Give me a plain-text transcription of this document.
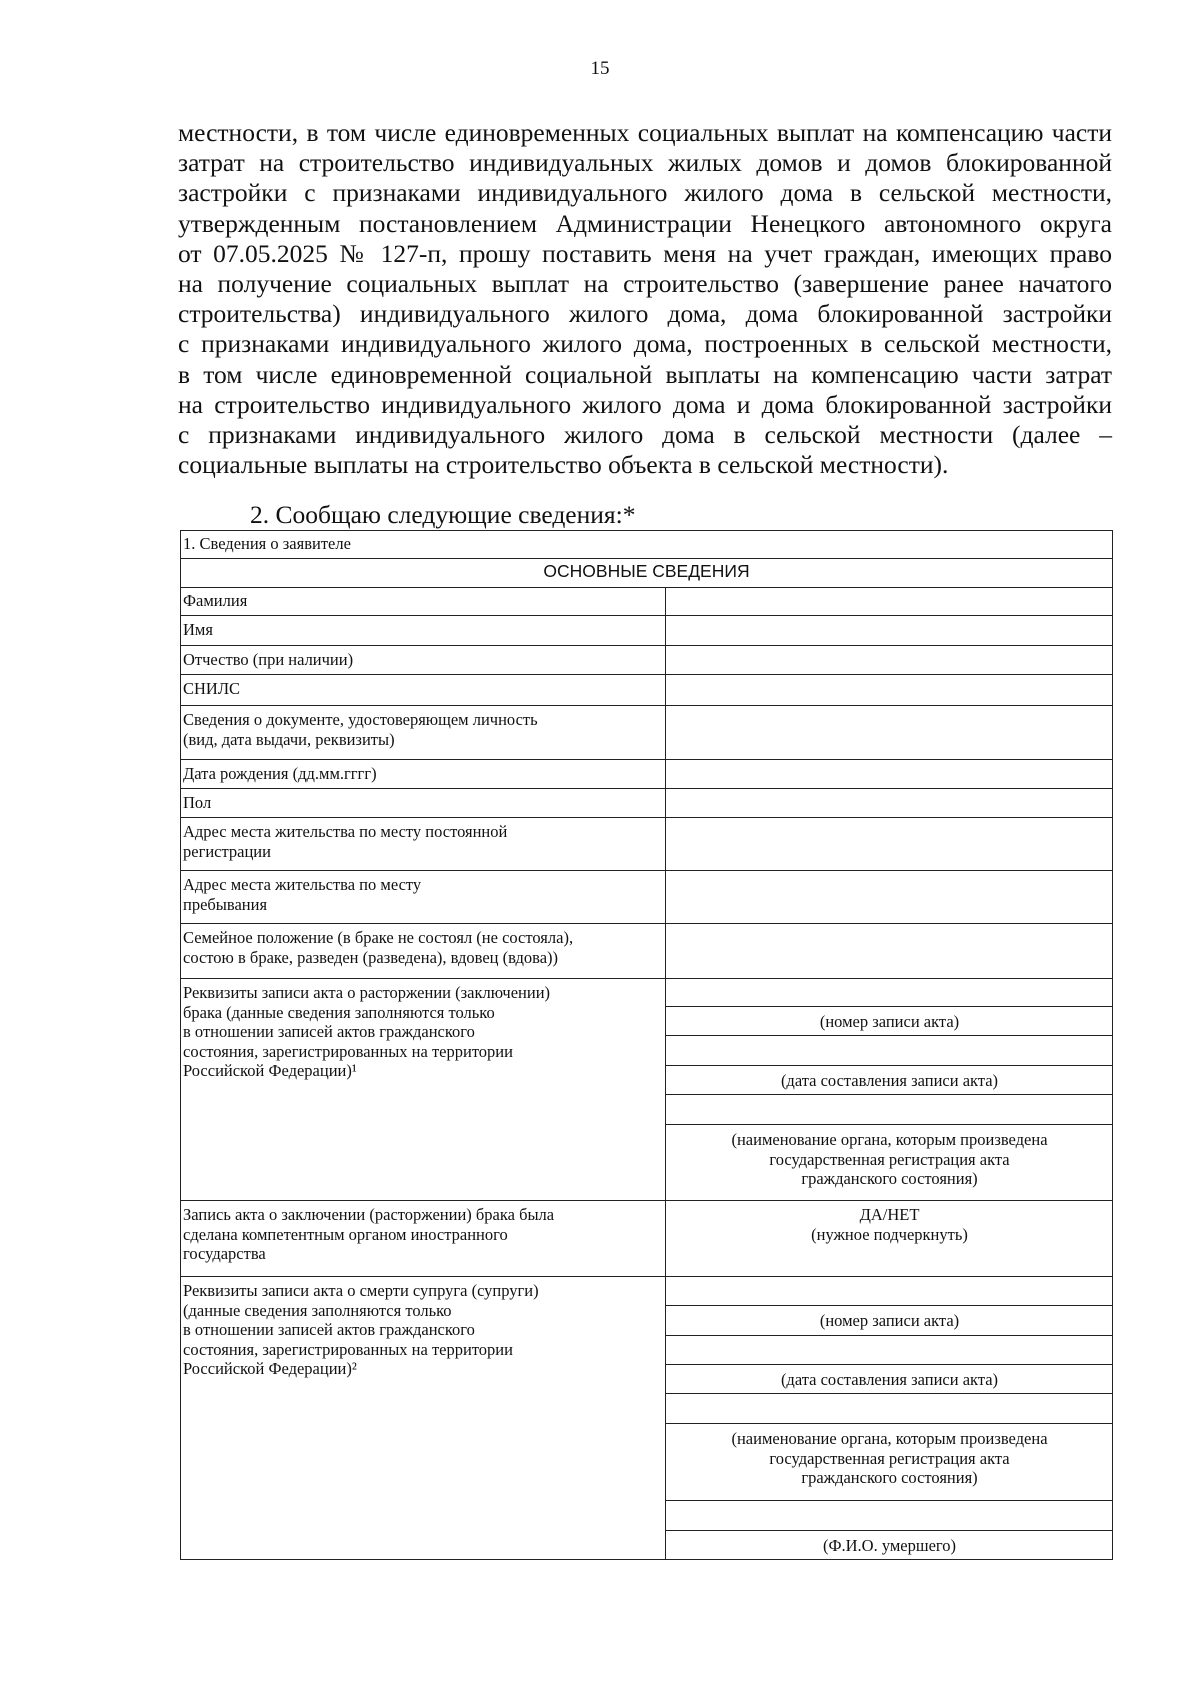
15
местности, в том числе единовременных социальных выплат на компенсацию части
затрат на строительство индивидуальных жилых домов и домов блокированной
застройки с признаками индивидуального жилого дома в сельской местности,
утвержденным постановлением Администрации Ненецкого автономного округа
от 07.05.2025 № 127-п, прошу поставить меня на учет граждан, имеющих право
на получение социальных выплат на строительство (завершение ранее начатого
строительства) индивидуального жилого дома, дома блокированной застройки
с признаками индивидуального жилого дома, построенных в сельской местности,
в том числе единовременной социальной выплаты на компенсацию части затрат
на строительство индивидуального жилого дома и дома блокированной застройки
с признаками индивидуального жилого дома в сельской местности (далее –
социальные выплаты на строительство объекта в сельской местности).
2. Сообщаю следующие сведения:*
1. Сведения о заявителе
ОСНОВНЫЕ СВЕДЕНИЯ
Фамилия
Имя
Отчество (при наличии)
СНИЛС
Сведения о документе, удостоверяющем личность
(вид, дата выдачи, реквизиты)
Дата рождения (дд.мм.гггг)
Пол
Адрес места жительства по месту постоянной
регистрации
Адрес места жительства по месту
пребывания
Семейное положение (в браке не состоял (не состояла),
состою в браке, разведен (разведена), вдовец (вдова))
Реквизиты записи акта о расторжении (заключении)
брака (данные сведения заполняются только
в отношении записей актов гражданского
состояния, зарегистрированных на территории
Российской Федерации)¹
Запись акта о заключении (расторжении) брака была
сделана компетентным органом иностранного
государства
Реквизиты записи акта о смерти супруга (супруги)
(данные сведения заполняются только
в отношении записей актов гражданского
состояния, зарегистрированных на территории
Российской Федерации)²
(номер записи акта)
(дата составления записи акта)
(наименование органа, которым произведена
государственная регистрация акта
гражданского состояния)
ДА/НЕТ
(нужное подчеркнуть)
(номер записи акта)
(дата составления записи акта)
(наименование органа, которым произведена
государственная регистрация акта
гражданского состояния)
(Ф.И.О. умершего)
